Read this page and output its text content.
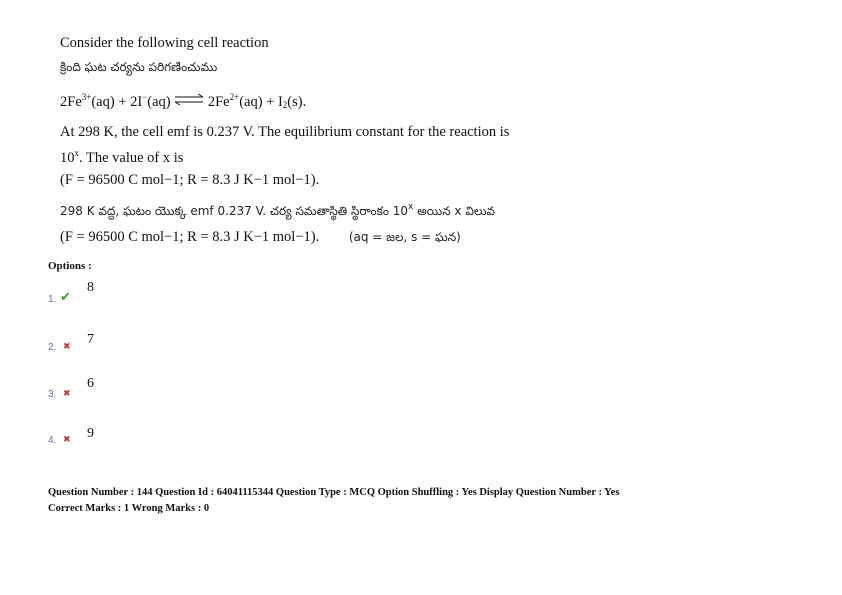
Consider the following cell reaction
క్రింది ఘట చర్యను పరిగణించుము
$2Fe^{3+}(aq) + 2I^-(aq)$ ⇌ $2Fe^{2+}(aq) + I_2(s)$.
At 298 K, the cell emf is 0.237 V. The equilibrium constant for the reaction is
10$^x$. The value of x is
(F = 96500 C mol−1; R = 8.3 J K−1 mol−1).
298 K వద్ద, ఘటం యొక్క emf 0.237 V. చర్య సమతాస్థితి స్థిరాంకం 10$^x$ అయిన x విలువ
(F = 96500 C mol−1; R = 8.3 J K−1 mol−1). (aq = జల, s = ఘన)
Options :
8
1. ✔
7
2. ✖
6
3. ✖
9
4. ✖
Question Number : 144 Question Id : 64041115344 Question Type : MCQ Option Shuffling : Yes Display Question Number : Yes
Correct Marks : 1 Wrong Marks : 0
